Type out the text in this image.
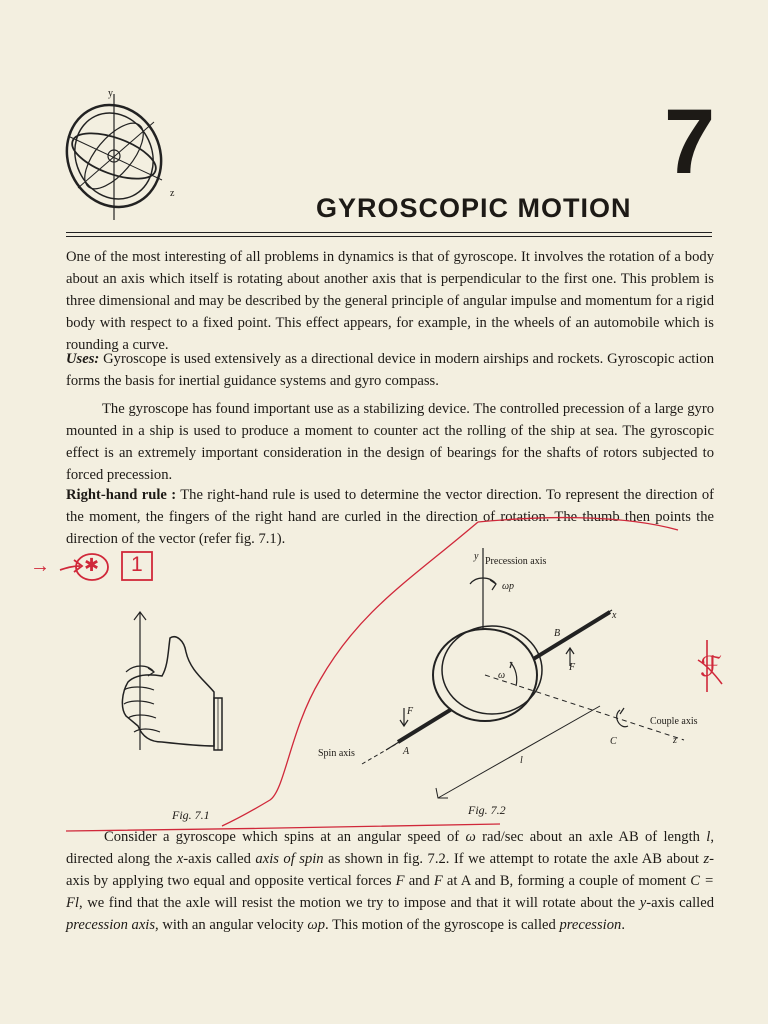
y
z
7
GYROSCOPIC MOTION

One of the most interesting of all problems in dynamics is that of gyroscope. It involves the rotation of a body about an axis which itself is rotating about another axis that is perpendicular to the first one. This problem is three dimensional and may be described by the general principle of angular impulse and momentum for a rigid body with respect to a fixed point. This effect appears, for example, in the wheels of an automobile which is rounding a curve.

Uses: Gyroscope is used extensively as a directional device in modern airships and rockets. Gyroscopic action forms the basis for inertial guidance systems and gyro compass.

The gyroscope has found important use as a stabilizing device. The controlled precession of a large gyro mounted in a ship is used to produce a moment to counter act the rolling of the ship at sea. The gyroscopic effect is an extremely important consideration in the design of bearings for the shafts of rotors subjected to forced precession.

Right-hand rule : The right-hand rule is used to determine the vector direction. To represent the direction of the moment, the fingers of the right hand are curled in the direction of rotation. The thumb then points the direction of the vector (refer fig. 7.1).

→ ✱ 1
ℱ
Fig. 7.1
y Precession axis
ωp
x
B
F
ω
F
A
Spin axis
l
C
Couple axis
z
Fig. 7.2

Consider a gyroscope which spins at an angular speed of ω rad/sec about an axle AB of length l, directed along the x-axis called axis of spin as shown in fig. 7.2. If we attempt to rotate the axle AB about z-axis by applying two equal and opposite vertical forces F and F at A and B, forming a couple of moment C = Fl, we find that the axle will resist the motion we try to impose and that it will rotate about the y-axis called precession axis, with an angular velocity ωp. This motion of the gyroscope is called precession.
